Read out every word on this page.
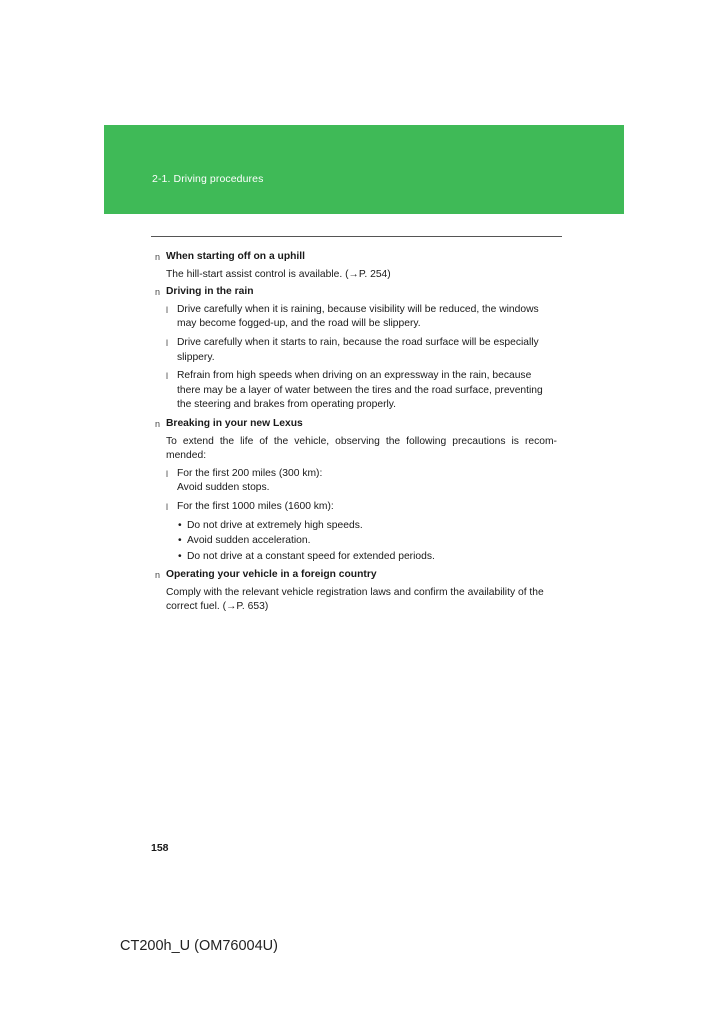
2-1. Driving procedures
n When starting off on a uphill
The hill-start assist control is available. (→P. 254)
n Driving in the rain
l Drive carefully when it is raining, because visibility will be reduced, the windows may become fogged-up, and the road will be slippery.
l Drive carefully when it starts to rain, because the road surface will be especially slippery.
l Refrain from high speeds when driving on an expressway in the rain, because there may be a layer of water between the tires and the road surface, preventing the steering and brakes from operating properly.
n Breaking in your new Lexus
To extend the life of the vehicle, observing the following precautions is recom-mended:
l For the first 200 miles (300 km):
Avoid sudden stops.
l For the first 1000 miles (1600 km):
• Do not drive at extremely high speeds.
• Avoid sudden acceleration.
• Do not drive at a constant speed for extended periods.
n Operating your vehicle in a foreign country
Comply with the relevant vehicle registration laws and confirm the availability of the correct fuel. (→P. 653)
158
CT200h_U (OM76004U)
